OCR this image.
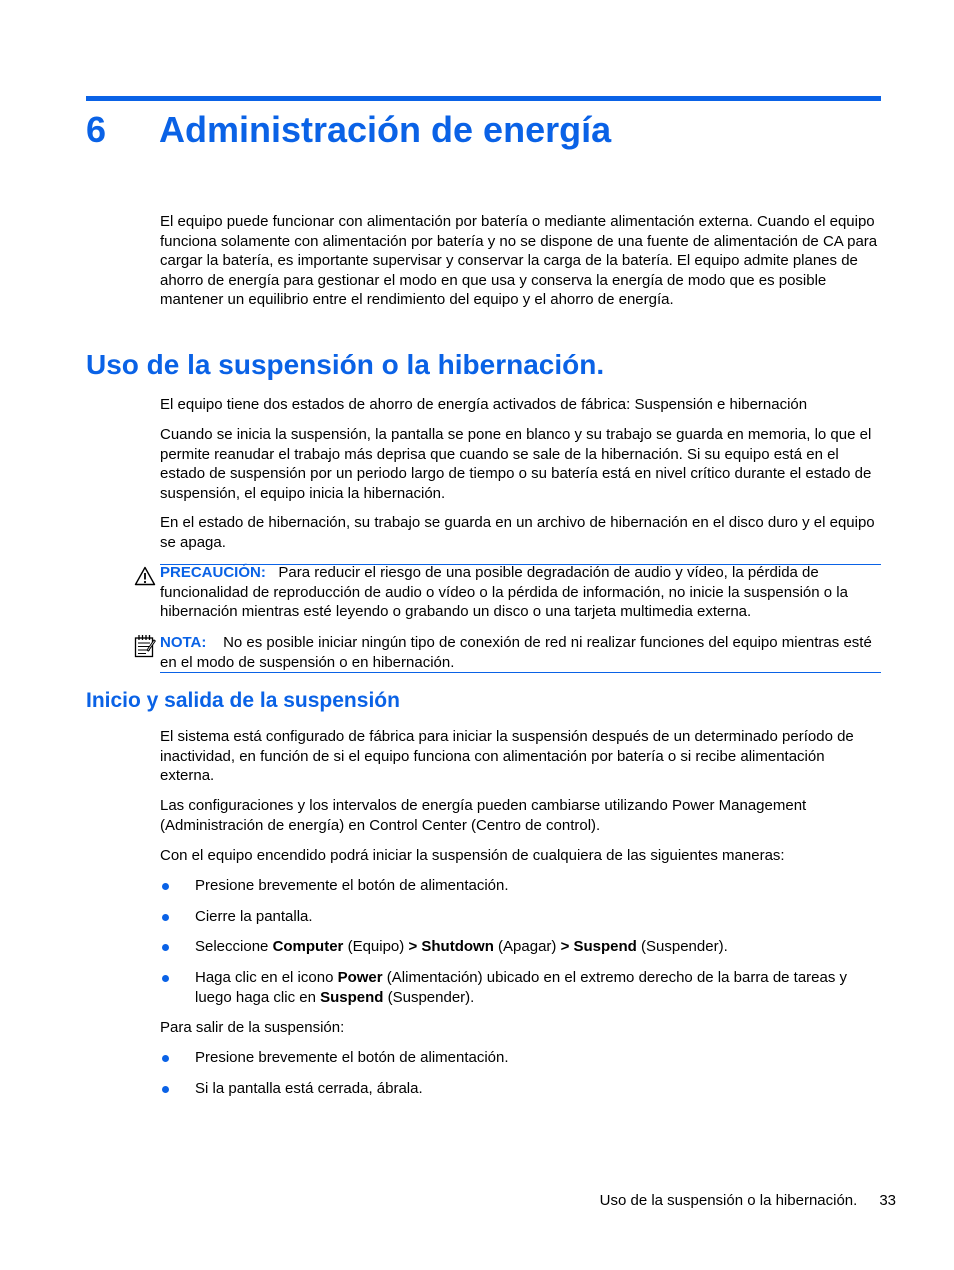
6 Administración de energía

El equipo puede funcionar con alimentación por batería o mediante alimentación externa. Cuando el equipo funciona solamente con alimentación por batería y no se dispone de una fuente de alimentación de CA para cargar la batería, es importante supervisar y conservar la carga de la batería. El equipo admite planes de ahorro de energía para gestionar el modo en que usa y conserva la energía de modo que es posible mantener un equilibrio entre el rendimiento del equipo y el ahorro de energía.

Uso de la suspensión o la hibernación.

El equipo tiene dos estados de ahorro de energía activados de fábrica: Suspensión e hibernación

Cuando se inicia la suspensión, la pantalla se pone en blanco y su trabajo se guarda en memoria, lo que el permite reanudar el trabajo más deprisa que cuando se sale de la hibernación. Si su equipo está en el estado de suspensión por un periodo largo de tiempo o su batería está en nivel crítico durante el estado de suspensión, el equipo inicia la hibernación.

En el estado de hibernación, su trabajo se guarda en un archivo de hibernación en el disco duro y el equipo se apaga.

PRECAUCIÓN: Para reducir el riesgo de una posible degradación de audio y vídeo, la pérdida de funcionalidad de reproducción de audio o vídeo o la pérdida de información, no inicie la suspensión o la hibernación mientras esté leyendo o grabando un disco o una tarjeta multimedia externa.

NOTA: No es posible iniciar ningún tipo de conexión de red ni realizar funciones del equipo mientras esté en el modo de suspensión o en hibernación.

Inicio y salida de la suspensión

El sistema está configurado de fábrica para iniciar la suspensión después de un determinado período de inactividad, en función de si el equipo funciona con alimentación por batería o si recibe alimentación externa.

Las configuraciones y los intervalos de energía pueden cambiarse utilizando Power Management (Administración de energía) en Control Center (Centro de control).

Con el equipo encendido podrá iniciar la suspensión de cualquiera de las siguientes maneras:

Presione brevemente el botón de alimentación.

Cierre la pantalla.

Seleccione Computer (Equipo) > Shutdown (Apagar) > Suspend (Suspender).

Haga clic en el icono Power (Alimentación) ubicado en el extremo derecho de la barra de tareas y luego haga clic en Suspend (Suspender).

Para salir de la suspensión:

Presione brevemente el botón de alimentación.

Si la pantalla está cerrada, ábrala.

Uso de la suspensión o la hibernación. 33
